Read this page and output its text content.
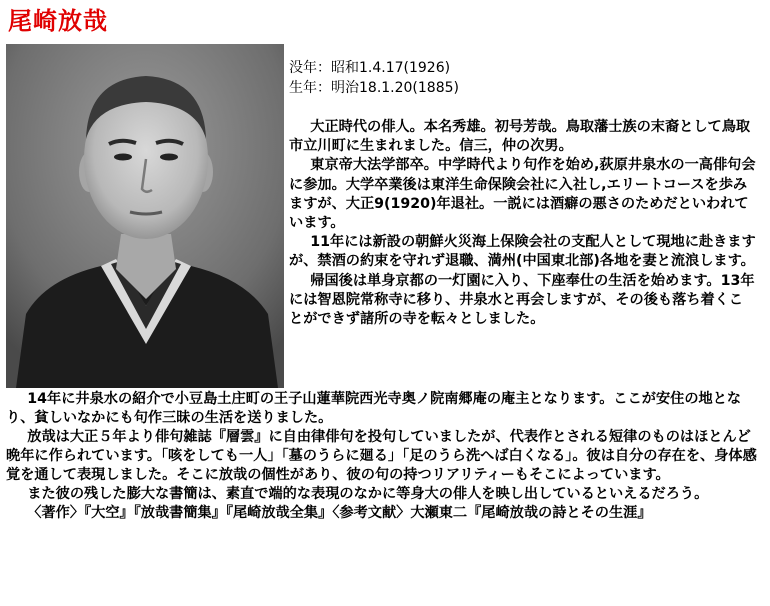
尾崎放哉
没年：昭和1.4.17(1926)
生年：明治18.1.20(1885)

大正時代の俳人。本名秀雄。初号芳哉。鳥取藩士族の末裔として鳥取市立川町に生まれました。信三，仲の次男。

東京帝大法学部卒。中学時代より句作を始め,荻原井泉水の一高俳句会に参加。大学卒業後は東洋生命保険会社に入社し,エリートコースを歩みますが、大正9(1920)年退社。一説には酒癖の悪さのためだといわれています。

11年には新設の朝鮮火災海上保険会社の支配人として現地に赴きますが、禁酒の約束を守れず退職、満州(中国東北部)各地を妻と流浪します。

帰国後は単身京都の一灯園に入り、下座奉仕の生活を始めます。13年には智恩院常称寺に移り、井泉水と再会しますが、その後も落ち着くことができず諸所の寺を転々としました。

14年に井泉水の紹介で小豆島土庄町の王子山蓮華院西光寺奥ノ院南郷庵の庵主となります。ここが安住の地となり、貧しいなかにも句作三昧の生活を送りました。

放哉は大正５年より俳句雑誌『層雲』に自由律俳句を投句していましたが、代表作とされる短律のものはほとんど晩年に作られています。「咳をしても一人」「墓のうらに廻る」「足のうら洗へば白くなる」。彼は自分の存在を、身体感覚を通して表現しました。そこに放哉の個性があり、彼の句の持つリアリティーもそこによっています。

また彼の残した膨大な書簡は、素直で端的な表現のなかに等身大の俳人を映し出しているといえるだろう。

〈著作〉『大空』『放哉書簡集』『尾崎放哉全集』〈参考文献〉大瀬東二『尾崎放哉の詩とその生涯』
